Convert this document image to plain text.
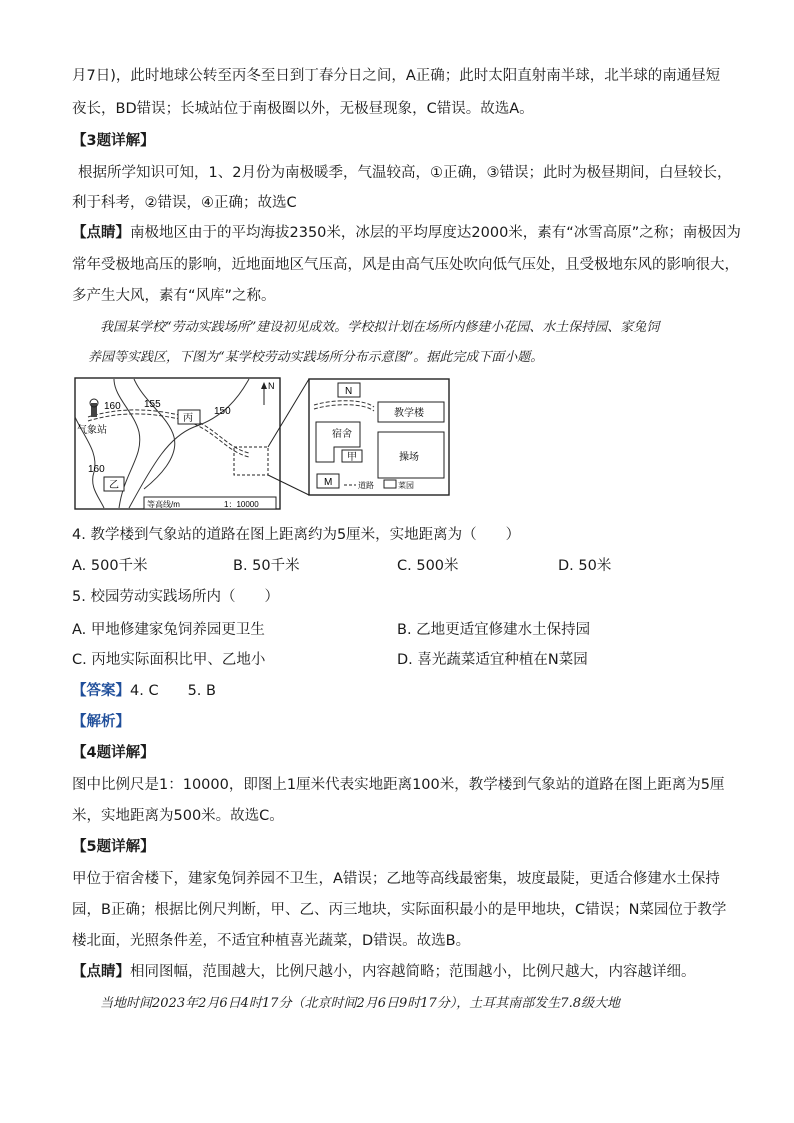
月7日)，此时地球公转至丙冬至日到丁春分日之间，A正确；此时太阳直射南半球，北半球的南通昼短
夜长，BD错误；长城站位于南极圈以外，无极昼现象，C错误。故选A。
【3题详解】
根据所学知识可知，1、2月份为南极暖季，气温较高，①正确，③错误；此时为极昼期间，白昼较长，
利于科考，②错误，④正确；故选C
【点睛】南极地区由于的平均海拔2350米，冰层的平均厚度达2000米，素有“冰雪高原”之称；南极因为
常年受极地高压的影响，近地面地区气压高，风是由高气压处吹向低气压处，且受极地东风的影响很大，
多产生大风，素有“风库”之称。
我国某学校“劳动实践场所”建设初见成效。学校拟计划在场所内修建小花园、水土保持园、家兔饲
养园等实践区，下图为“某学校劳动实践场所分布示意图”。据此完成下面小题。
气象站
160 155
150
160
丙
乙
N
等高线/m	1：10000
教学楼
N
宿舍
甲	操场
M	道路	菜园
4. 教学楼到气象站的道路在图上距离约为5厘米，实地距离为（　　）
A. 500千米	B. 50千米	C. 500米	D. 50米
5. 校园劳动实践场所内（　　）
A. 甲地修建家兔饲养园更卫生	B. 乙地更适宜修建水土保持园
C. 丙地实际面积比甲、乙地小	D. 喜光蔬菜适宜种植在N菜园
【答案】4. C　　5. B
【解析】
【4题详解】
图中比例尺是1：10000，即图上1厘米代表实地距离100米，教学楼到气象站的道路在图上距离为5厘
米，实地距离为500米。故选C。
【5题详解】
甲位于宿舍楼下，建家兔饲养园不卫生，A错误；乙地等高线最密集，坡度最陡，更适合修建水土保持
园，B正确；根据比例尺判断，甲、乙、丙三地块，实际面积最小的是甲地块，C错误；N菜园位于教学
楼北面，光照条件差，不适宜种植喜光蔬菜，D错误。故选B。
【点睛】相同图幅，范围越大，比例尺越小，内容越简略；范围越小，比例尺越大，内容越详细。
当地时间2023年2月6日4时17分（北京时间2月6日9时17分），土耳其南部发生7.8级大地
